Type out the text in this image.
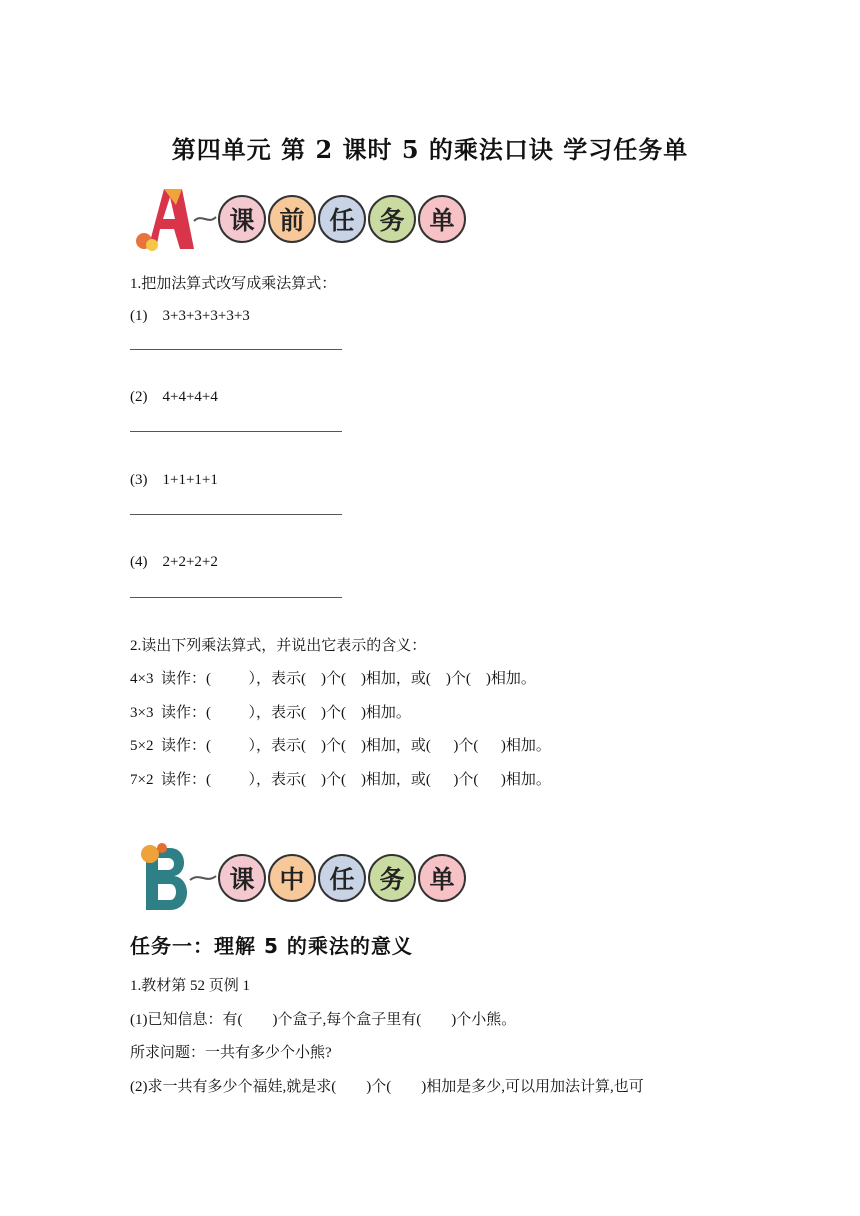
第四单元 第 2 课时 5 的乘法口诀 学习任务单
课 前 任 务 单
1.把加法算式改写成乘法算式：
(1)    3+3+3+3+3+3
(2)    4+4+4+4
(3)    1+1+1+1
(4)    2+2+2+2
2.读出下列乘法算式，并说出它表示的含义：
4×3  读作：(          ），表示(    )个(    )相加，或(    )个(    )相加。
3×3  读作：(          ），表示(    )个(    )相加。
5×2  读作：(          ），表示(    )个(    )相加，或(      )个(      )相加。
7×2  读作：(          ），表示(    )个(    )相加，或(      )个(      )相加。
课 中 任 务 单
任务一：理解 5 的乘法的意义
1.教材第 52 页例 1
(1)已知信息：有(        )个盒子,每个盒子里有(        )个小熊。
所求问题：一共有多少个小熊?
(2)求一共有多少个福娃,就是求(        )个(        )相加是多少,可以用加法计算,也可
